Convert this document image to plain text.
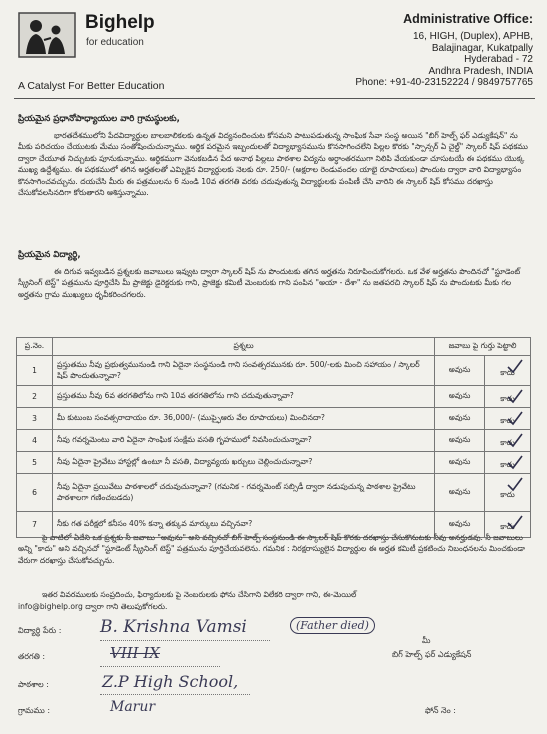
Bighelp
for education
A Catalyst For Better Education
Administrative Office:
16, HIGH, (Duplex), APHB,
Balajinagar, Kukatpally
Hyderabad - 72
Andhra Pradesh, INDIA
Phone: +91-40-23152224 / 9849757765
ప్రియమైన ప్రధానోపాధ్యాయుల వారి గ్రామస్థులకు,
భారతదేశములోని పేదవిద్యార్థుల బాలబాలికలకు ఉన్నత విద్యనందించుట కోసమని పాటుపడుతున్న సాంఘిక సేవా సంస్థ అయిన "బిగ్ హెల్ప్ ఫర్ ఎడ్యుకేషన్" ను మీకు పరిచయం చేయుటకు మేము సంతోషించుచున్నాము. ఆర్థిక పరమైన ఇబ్బందులతో విద్యాభ్యాసమును కొనసాగించలేని పిల్లల కొరకు "స్పాన్సర్ ఏ చైల్డ్" స్కాలర్ షిప్ పథకము ద్వారా చేయూత నిచ్చుటకు పూనుకున్నాము. ఆర్థికముగా వెనుకబడిన పేద అనాథ పిల్లలు పాఠశాల విద్యను అర్ధాంతరముగా నిలిపి వేయకుండా చూసుటయే ఈ పథకము యొక్క ముఖ్య ఉద్దేశ్యము. ఈ పథకములో తగిన అర్హతలతో ఎమ్పికైన విద్యార్థులకు నెలకు రూ. 250/- (అక్షరాల రెండువందల యాభై రూపాయలు) పొందుట ద్వారా వారి విద్యాభ్యాసం కొనసాగించవచ్చును. దయచేసి మీరు ఈ పత్రములను 6 నుండి 10వ తరగతి వరకు చదువుతున్న విద్యార్థులకు పంపిణీ చేసి వారిని ఈ స్కాలర్ షిప్ కోసము దరఖాస్తు చేసుకోవలసినదిగా కోరుతారని ఆశిస్తున్నాము.
ప్రియమైన విద్యార్థి,
ఈ దిగువ ఇవ్వబడిన ప్రశ్నలకు జవాబులు ఇవ్వుట ద్వారా స్కాలర్ షిప్ ను పొందుటకు తగిన అర్హతను నిరూపించుకోగలరు. ఒక వేళ అర్హతను పొందినచో "స్టూడెంట్ స్క్రీనింగ్ టెస్ట్" పత్రమును పూర్తిచేసి మీ ప్రాజెక్టు డైరెక్టరుకు గాని, ప్రాజెక్టు కమిటీ మెంబరుకు గాని పంపిన "అయా - దేశా" ను జతపరచి స్కాలర్ షిప్ ను పొందుటకు మీకు గల అర్హతను గ్రామ ముఖ్యులు ధృవీకరించగలరు.
ప్ర.నెం.	ప్రశ్నలు	జవాబు పై గుర్తు పెట్టాలి	
1	ప్రస్తుతము నీవు ప్రభుత్వమునుండి గాని ఏదైనా సంస్థనుండి గాని సంవత్సరమునకు రూ. 500/-లకు మించి సహాయం / స్కాలర్ షిప్ పొందుతున్నావా?	అవును	కాదు

2	ప్రస్తుతము నీవు 6వ తరగతిలోను గాని 10వ తరగతిలోను గాని చదువుతున్నావా?	అవును	కాదు

3	మీ కుటుంబ సంవత్సరాదాయం రూ. 36,000/- (ముప్ఫైఆరు వేల రూపాయలు) మించినదా?	అవును	కాదు

4	నీవు గవర్నమెంటు వారి ఏదైనా సాంఘిక సంక్షేమ వసతి గృహములో నివసించుచున్నావా?	అవును	కాదు

5	నీవు ఏదైనా ప్రైవేటు హాస్టల్లో ఉంటూ నీ వసతి, విద్యావ్యయ ఖర్చులు చెల్లించుచున్నావా?	అవును	కాదు

6	నీవు ఏదైనా ప్రయివేటు పాఠశాలలో చదువుచున్నావా? (గమనిక - గవర్నమెంట్ సబ్సిడీ ద్వారా నడుపుచున్న పాఠశాల ప్రైవేటు పాఠశాలగా గణించబడదు)	అవును	కాదు

7	నీకు గత పరీక్షలో కనీసం 40% కన్నా తక్కువ మార్కులు వచ్చినవా?	అవును	కాదు
పై వాటిలో ఏదేని ఒక ప్రశ్నకు నీ జవాబు "అవును" అని వచ్చినచో బిగ్ హెల్ప్ సంస్థనుండి ఈ స్కాలర్ షిప్ కొరకు దరఖాస్తు చేసుకొనుటకు నీవు అనర్హుడవు. నీ జవాబులు అన్ని "కాదు" అని వచ్చినచో "స్టూడెంట్ స్క్రీనింగ్ టెస్ట్" పత్రమును పూర్తిచేయవలెను. గమనిక : నిరక్షరాస్యులైన విద్యార్థుల ఈ అర్హత కమిటీ ప్రకటించు నిబంధనలను మించకుండా వేరుగా దరఖాస్తు చేసుకోవచ్చును.
ఇతర వివరములకు సంప్రదించు, ఫిర్యాదులకు పై నెంబరులకు ఫోను చేసిగాని విలేకరి ద్వారా గాని, ఈ-మెయిల్
info@bighelp.org ద్వారా గాని తెలుపుకోగలరు.
విద్యార్థి పేరు : B. Krishna Vamsi	(Father died)
తరగతి :	VIII IX
పాఠశాల :	Z.P High School,
గ్రామము :	Marur
మీ
బిగ్ హెల్ప్ ఫర్ ఎడ్యుకేషన్
ఫోన్ నెం :
